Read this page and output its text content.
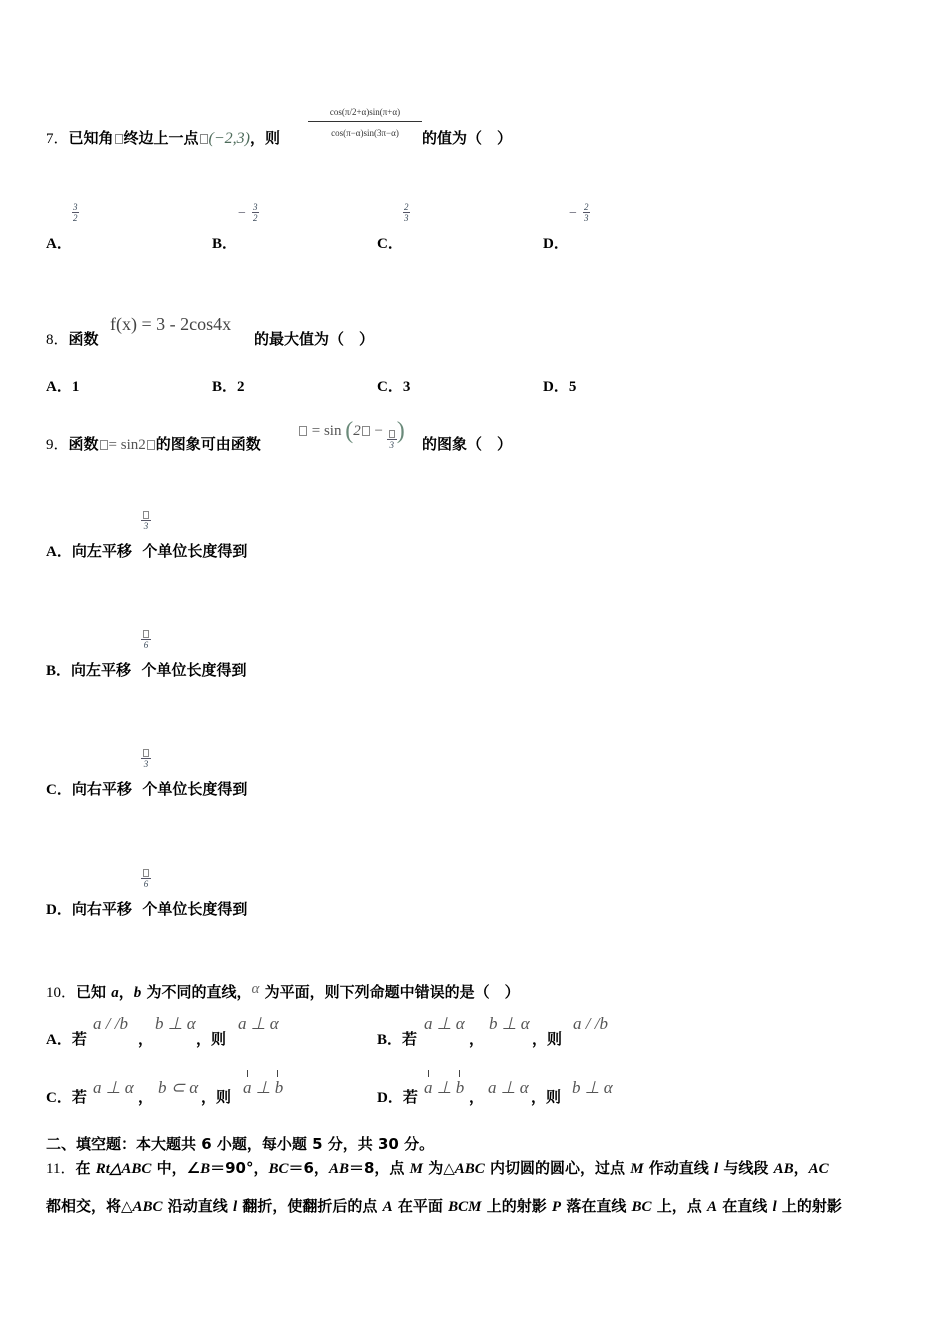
7．已知角 终边上一点 (−2,3)，则	$\frac{\cos(\pi/2+\alpha)\sin(\pi+\alpha)}{\cos(\pi-\alpha)\sin(3\pi-\alpha)}$ 的值为（　）
3
2
A．
− 3
2
B．
2
3
C．
− 2
3
D．
8．函数
f(x) = 3 - 2cos4x
的最大值为（　）
A．1	B．2	C．3	D．5
9．函数 = sin2 的图象可由函数
= sin (2 −
3
) 的图象（　）
3
A．向左平移 个单位长度得到
6
B．向左平移 个单位长度得到
3
C．向右平移 个单位长度得到
6
D．向右平移 个单位长度得到
10．已知 a，b 为不同的直线，α 为平面，则下列命题中错误的是（　）
A．若
a / /b
，
b ⊥ α
，则
a ⊥ α
B．若
a ⊥ α
，
b ⊥ α
，则
a / /b
C．若 a ⊥ α ， b ⊂ α ，则 a ⊥ b
D．若 a ⊥ b ， a ⊥ α ，则 b ⊥ α
二、填空题：本大题共 6 小题，每小题 5 分，共 30 分。
11．在 Rt△ABC 中，∠B＝90°，BC＝6，AB＝8，点 M 为△ABC 内切圆的圆心，过点 M 作动直线 l 与线段 AB，AC
都相交，将△ABC 沿动直线 l 翻折，使翻折后的点 A 在平面 BCM 上的射影 P 落在直线 BC 上，点 A 在直线 l 上的射影
